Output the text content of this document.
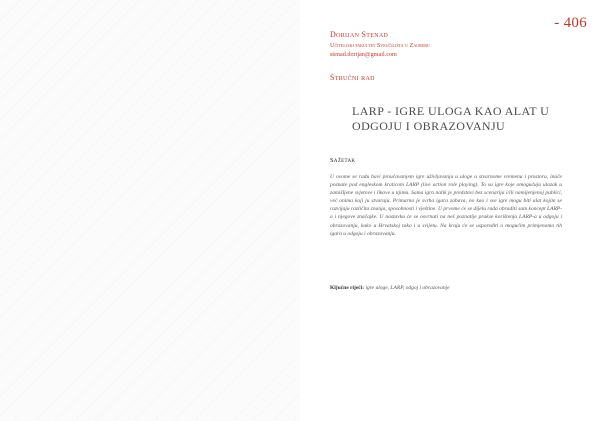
- 406

Dorijan Stenad

Učiteljski fakultet Sveučilišta u Zagrebu

stenad.dorijan@gmail.com

Stručni rad
LARP - IGRE ULOGA KAO ALAT U ODGOJU I OBRAZOVANJU
Sažetak

U ovome se radu bavi proučavanjem igre uživljavanja u uloge u stvarnome vremenu i prostoru, inače poznate pod engleskom kraticom LARP (live action role playing). To su igre koje omogućuju ulazak u zamišljene svjetove i likove u njima. Sama igra nalik je predstavi bez scenarija i/ili namijenjenoj publici, već onima koji ju stvaraju. Primarna je svrha igara zabava, no kao i sve igre mogu biti alat kojim se razvijaju različita znanja, sposobnosti i vještine. U prvome će se dijelu rada obraditi sam koncept LARP-a i njegove značajke. U nastavku će se osvrnuti na neš poznatije prakse korištenja LARP-a u odgoju i obrazovanju, kako u Hrvatskoj tako i u svijetu. Na kraju će se usporediti o mogućim primjenama tih igara u odgoju i obrazovanju.

Ključne riječi: igre uloge, LARP, odgoj i obrazovanje
